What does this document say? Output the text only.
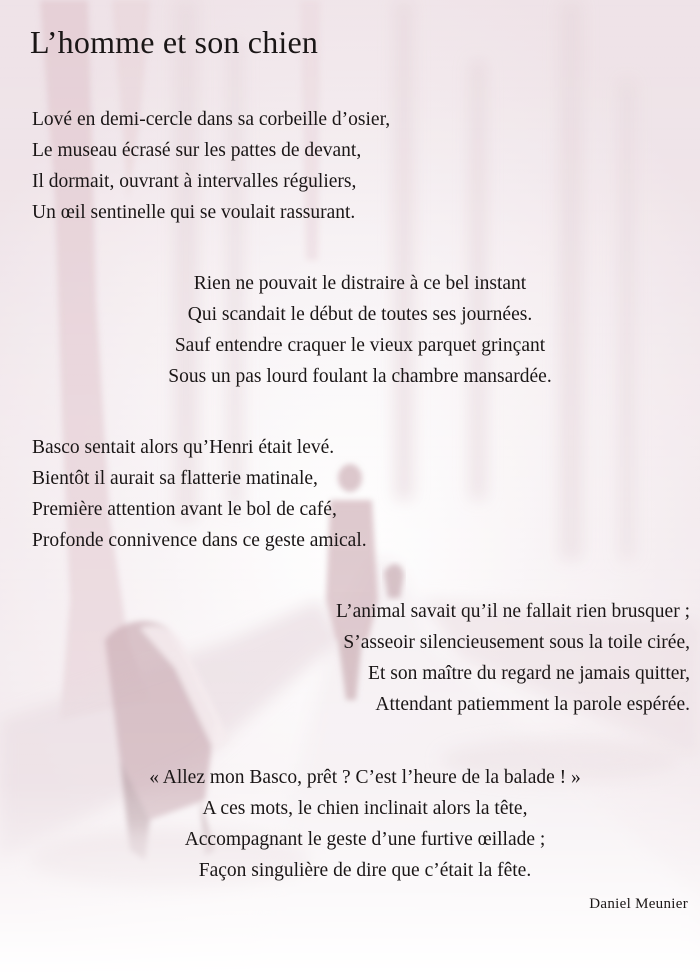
L’homme et son chien
Lové en demi-cercle dans sa corbeille d’osier,
Le museau écrasé sur les pattes de devant,
Il dormait, ouvrant à intervalles réguliers,
Un œil sentinelle qui se voulait rassurant.
Rien ne pouvait le distraire à ce bel instant
Qui scandait le début de toutes ses journées.
Sauf entendre craquer le vieux parquet grinçant
Sous un pas lourd foulant la chambre mansardée.
Basco sentait alors qu’Henri était levé.
Bientôt il aurait sa flatterie matinale,
Première attention avant le bol de café,
Profonde connivence dans ce geste amical.
L’animal savait qu’il ne fallait rien brusquer ;
S’asseoir silencieusement sous la toile cirée,
Et son maître du regard ne jamais quitter,
Attendant patiemment la parole espérée.
« Allez mon Basco, prêt ? C’est l’heure de la balade ! »
A ces mots, le chien inclinait alors la tête,
Accompagnant le geste d’une furtive œillade ;
Façon singulière de dire que c’était la fête.
Daniel Meunier
